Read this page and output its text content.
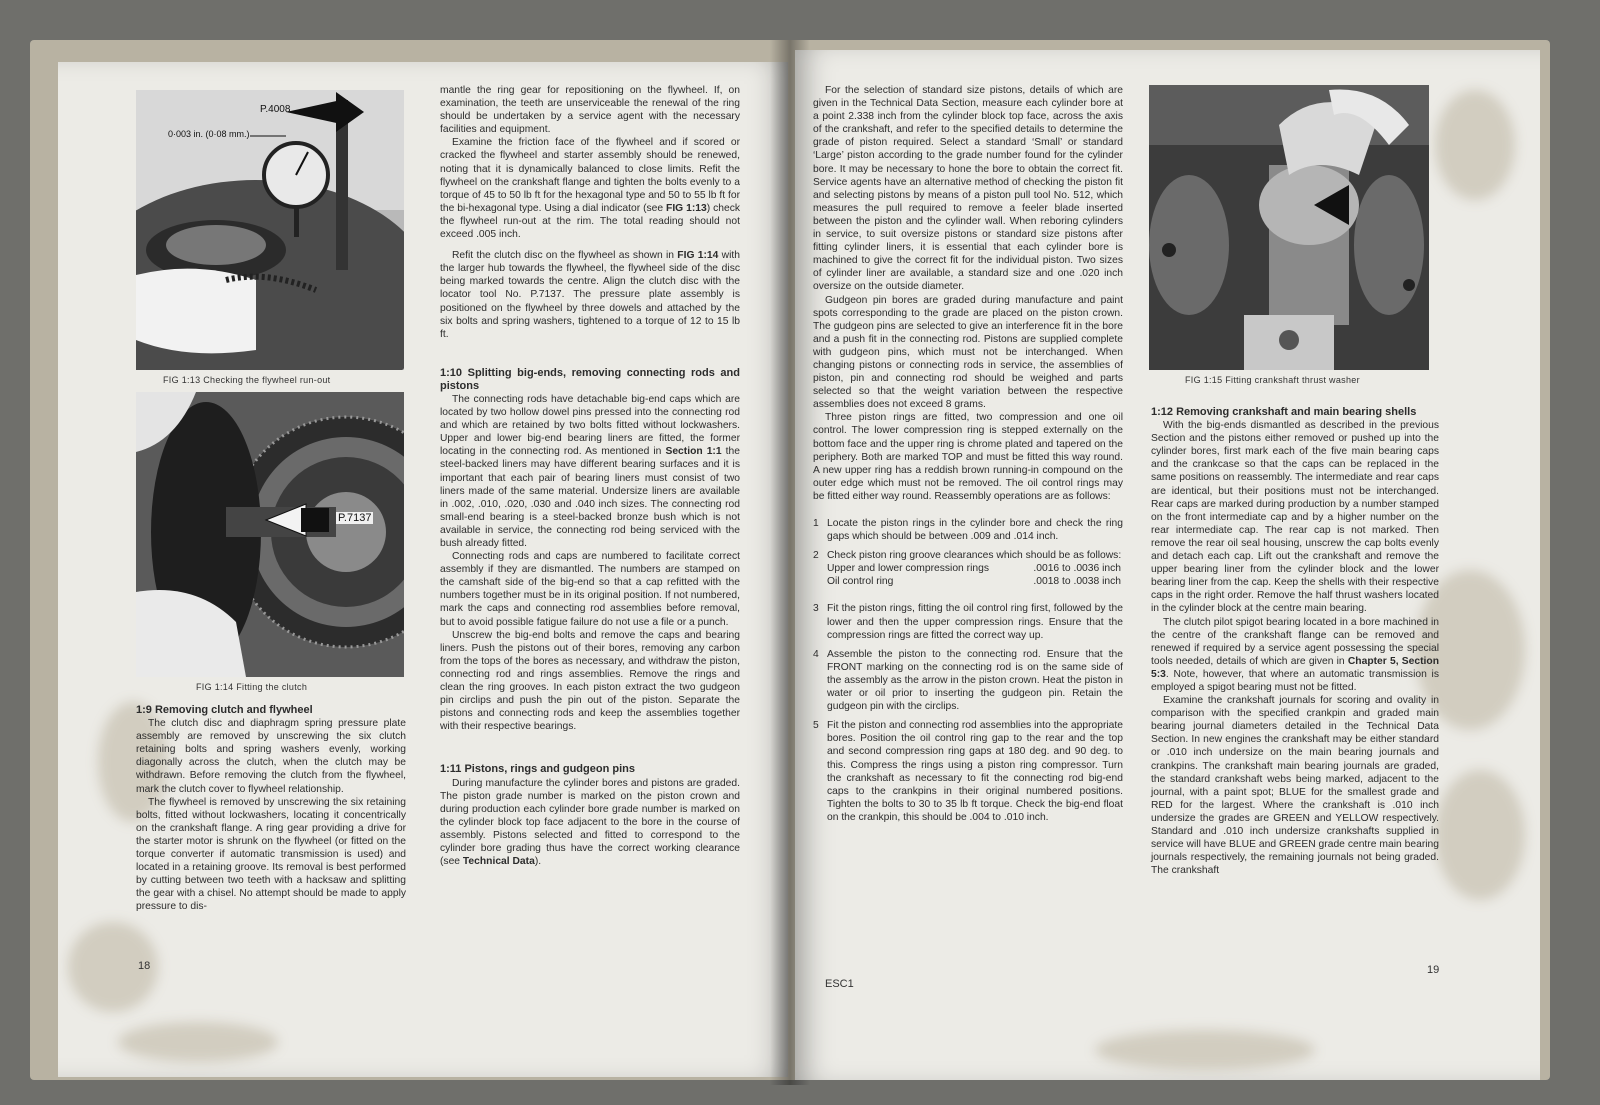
P.4008
0·003 in. (0·08 mm.)
FIG 1:13 Checking the flywheel run-out
P.7137
FIG 1:14 Fitting the clutch

1:9 Removing clutch and flywheel

The clutch disc and diaphragm spring pressure plate assembly are removed by unscrewing the six clutch retaining bolts and spring washers evenly, working diagonally across the clutch, when the clutch may be withdrawn. Before removing the clutch from the flywheel, mark the clutch cover to flywheel relationship.

The flywheel is removed by unscrewing the six retaining bolts, fitted without lockwashers, locating it concentrically on the crankshaft flange. A ring gear providing a drive for the starter motor is shrunk on the flywheel (or fitted on the torque converter if automatic transmission is used) and located in a retaining groove. Its removal is best performed by cutting between two teeth with a hacksaw and splitting the gear with a chisel. No attempt should be made to apply pressure to dis-

mantle the ring gear for repositioning on the flywheel. If, on examination, the teeth are unserviceable the renewal of the ring should be undertaken by a service agent with the necessary facilities and equipment.

Examine the friction face of the flywheel and if scored or cracked the flywheel and starter assembly should be renewed, noting that it is dynamically balanced to close limits. Refit the flywheel on the crankshaft flange and tighten the bolts evenly to a torque of 45 to 50 lb ft for the hexagonal type and 50 to 55 lb ft for the bi-hexagonal type. Using a dial indicator (see FIG 1:13) check the flywheel run-out at the rim. The total reading should not exceed .005 inch.

Refit the clutch disc on the flywheel as shown in FIG 1:14 with the larger hub towards the flywheel, the flywheel side of the disc being marked towards the centre. Align the clutch disc with the locator tool No. P.7137. The pressure plate assembly is positioned on the flywheel by three dowels and attached by the six bolts and spring washers, tightened to a torque of 12 to 15 lb ft.

1:10 Splitting big-ends, removing connecting rods and pistons

The connecting rods have detachable big-end caps which are located by two hollow dowel pins pressed into the connecting rod and which are retained by two bolts fitted without lockwashers. Upper and lower big-end bearing liners are fitted, the former locating in the connecting rod. As mentioned in Section 1:1 the steel-backed liners may have different bearing surfaces and it is important that each pair of bearing liners must consist of two liners made of the same material. Undersize liners are available in .002, .010, .020, .030 and .040 inch sizes. The connecting rod small-end bearing is a steel-backed bronze bush which is not available in service, the connecting rod being serviced with the bush already fitted.

Connecting rods and caps are numbered to facilitate correct assembly if they are dismantled. The numbers are stamped on the camshaft side of the big-end so that a cap refitted with the numbers together must be in its original position. If not numbered, mark the caps and connecting rod assemblies before removal, but to avoid possible fatigue failure do not use a file or a punch.

Unscrew the big-end bolts and remove the caps and bearing liners. Push the pistons out of their bores, removing any carbon from the tops of the bores as necessary, and withdraw the piston, connecting rod and rings assemblies. Remove the rings and clean the ring grooves. In each piston extract the two gudgeon pin circlips and push the pin out of the piston. Separate the pistons and connecting rods and keep the assemblies together with their respective bearings.

1:11 Pistons, rings and gudgeon pins

During manufacture the cylinder bores and pistons are graded. The piston grade number is marked on the piston crown and during production each cylinder bore grade number is marked on the cylinder block top face adjacent to the bore in the course of assembly. Pistons selected and fitted to correspond to the cylinder bore grading thus have the correct working clearance (see Technical Data).

18

For the selection of standard size pistons, details of which are given in the Technical Data Section, measure each cylinder bore at a point 2.338 inch from the cylinder block top face, across the axis of the crankshaft, and refer to the specified details to determine the grade of piston required. Select a standard ‘Small’ or standard ‘Large’ piston according to the grade number found for the cylinder bore. It may be necessary to hone the bore to obtain the correct fit. Service agents have an alternative method of checking the piston fit and selecting pistons by means of a piston pull tool No. 512, which measures the pull required to remove a feeler blade inserted between the piston and the cylinder wall. When reboring cylinders in service, to suit oversize pistons or standard size pistons after fitting cylinder liners, it is essential that each cylinder bore is machined to give the correct fit for the individual piston. Two sizes of cylinder liner are available, a standard size and one .020 inch oversize on the outside diameter.

Gudgeon pin bores are graded during manufacture and paint spots corresponding to the grade are placed on the piston crown. The gudgeon pins are selected to give an interference fit in the bore and a push fit in the connecting rod. Pistons are supplied complete with gudgeon pins, which must not be interchanged. When changing pistons or connecting rods in service, the assemblies of piston, pin and connecting rod should be weighed and parts selected so that the weight variation between the respective assemblies does not exceed 8 grams.

Three piston rings are fitted, two compression and one oil control. The lower compression ring is stepped externally on the bottom face and the upper ring is chrome plated and tapered on the periphery. Both are marked TOP and must be fitted this way round. A new upper ring has a reddish brown running-in compound on the outer edge which must not be removed. The oil control rings may be fitted either way round. Reassembly operations are as follows:

1 Locate the piston rings in the cylinder bore and check the ring gaps which should be between .009 and .014 inch.
2 Check piston ring groove clearances which should be as follows:
Upper and lower compression rings	.0016 to .0036 inch
Oil control ring	.0018 to .0038 inch
3 Fit the piston rings, fitting the oil control ring first, followed by the lower and then the upper compression rings. Ensure that the compression rings are fitted the correct way up.
4 Assemble the piston to the connecting rod. Ensure that the FRONT marking on the connecting rod is on the same side of the assembly as the arrow in the piston crown. Heat the piston in water or oil prior to inserting the gudgeon pin. Retain the gudgeon pin with the circlips.
5 Fit the piston and connecting rod assemblies into the appropriate bores. Position the oil control ring gap to the rear and the top and second compression ring gaps at 180 deg. and 90 deg. to this. Compress the rings using a piston ring compressor. Turn the crankshaft as necessary to fit the connecting rod big-end caps to the crankpins in their original numbered positions. Tighten the bolts to 30 to 35 lb ft torque. Check the big-end float on the crankpin, this should be .004 to .010 inch.
FIG 1:15 Fitting crankshaft thrust washer

1:12 Removing crankshaft and main bearing shells

With the big-ends dismantled as described in the previous Section and the pistons either removed or pushed up into the cylinder bores, first mark each of the five main bearing caps and the crankcase so that the caps can be replaced in the same positions on reassembly. The intermediate and rear caps are identical, but their positions must not be interchanged. Rear caps are marked during production by a number stamped on the front intermediate cap and by a higher number on the rear intermediate cap. The rear cap is not marked. Then remove the rear oil seal housing, unscrew the cap bolts evenly and detach each cap. Lift out the crankshaft and remove the upper bearing liner from the cylinder block and the lower bearing liner from the cap. Keep the shells with their respective caps in the right order. Remove the half thrust washers located in the cylinder block at the centre main bearing.

The clutch pilot spigot bearing located in a bore machined in the centre of the crankshaft flange can be removed and renewed if required by a service agent possessing the special tools needed, details of which are given in Chapter 5, Section 5:3. Note, however, that where an automatic transmission is employed a spigot bearing must not be fitted.

Examine the crankshaft journals for scoring and ovality in comparison with the specified crankpin and graded main bearing journal diameters detailed in the Technical Data Section. In new engines the crankshaft may be either standard or .010 inch undersize on the main bearing journals and crankpins. The crankshaft main bearing journals are graded, the standard crankshaft webs being marked, adjacent to the journal, with a paint spot; BLUE for the smallest grade and RED for the largest. Where the crankshaft is .010 inch undersize the grades are GREEN and YELLOW respectively. Standard and .010 inch undersize crankshafts supplied in service will have BLUE and GREEN grade centre main bearing journals respectively, the remaining journals not being graded. The crankshaft

ESC1
19
